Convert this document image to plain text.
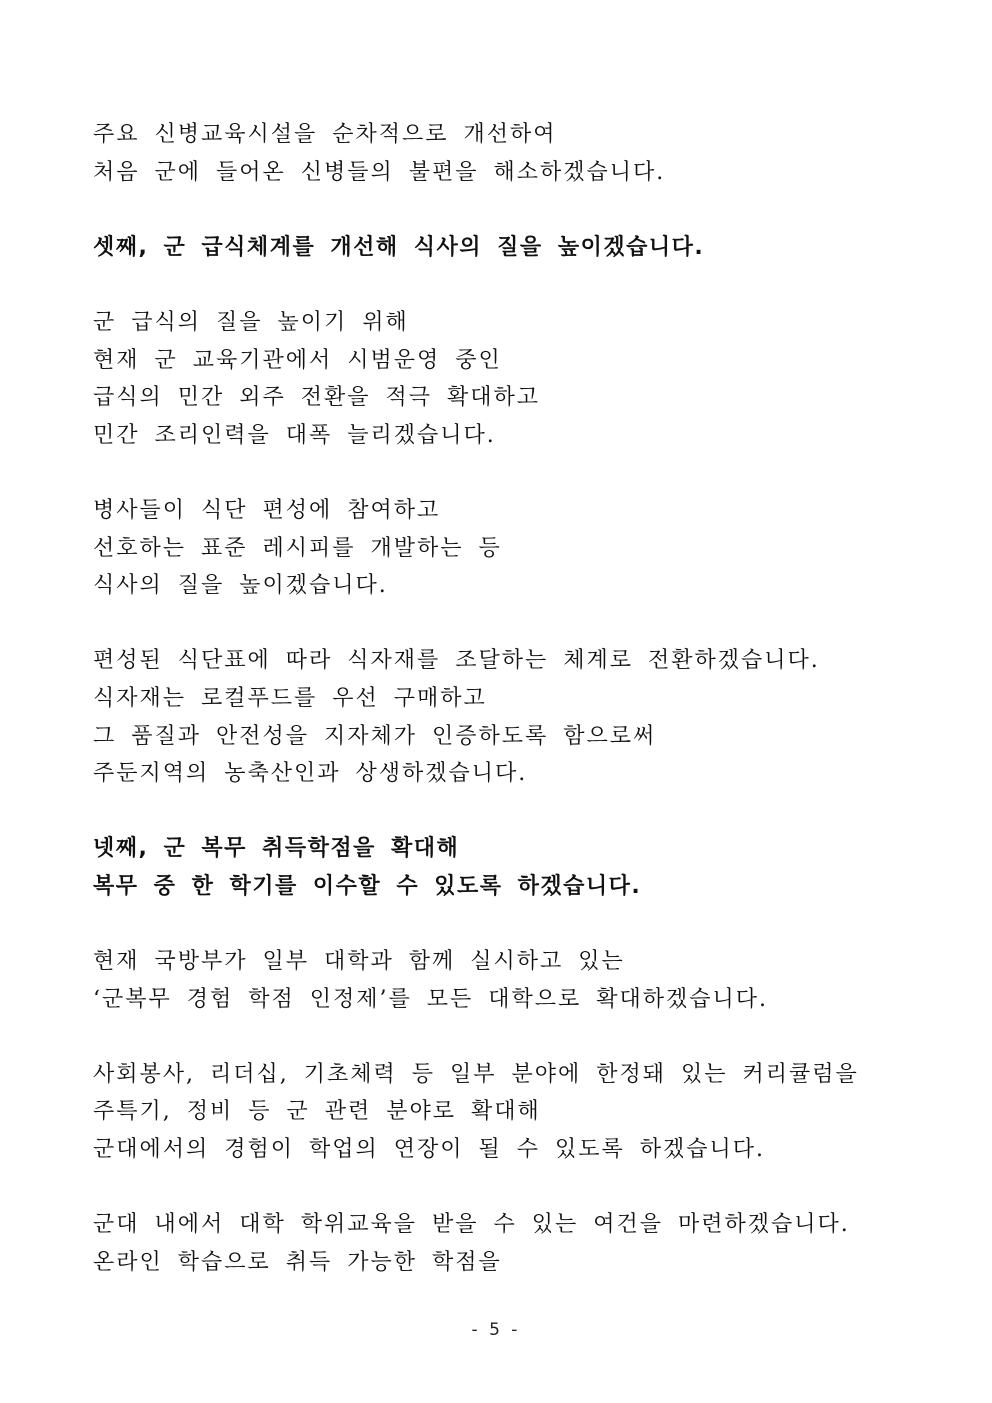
주요 신병교육시설을 순차적으로 개선하여
처음 군에 들어온 신병들의 불편을 해소하겠습니다.
셋째, 군 급식체계를 개선해 식사의 질을 높이겠습니다.
군 급식의 질을 높이기 위해
현재 군 교육기관에서 시범운영 중인
급식의 민간 외주 전환을 적극 확대하고
민간 조리인력을 대폭 늘리겠습니다.
병사들이 식단 편성에 참여하고
선호하는 표준 레시피를 개발하는 등
식사의 질을 높이겠습니다.
편성된 식단표에 따라 식자재를 조달하는 체계로 전환하겠습니다.
식자재는 로컬푸드를 우선 구매하고
그 품질과 안전성을 지자체가 인증하도록 함으로써
주둔지역의 농축산인과 상생하겠습니다.
넷째, 군 복무 취득학점을 확대해
복무 중 한 학기를 이수할 수 있도록 하겠습니다.
현재 국방부가 일부 대학과 함께 실시하고 있는
‘군복무 경험 학점 인정제’를 모든 대학으로 확대하겠습니다.
사회봉사, 리더십, 기초체력 등 일부 분야에 한정돼 있는 커리큘럼을
주특기, 정비 등 군 관련 분야로 확대해
군대에서의 경험이 학업의 연장이 될 수 있도록 하겠습니다.
군대 내에서 대학 학위교육을 받을 수 있는 여건을 마련하겠습니다.
온라인 학습으로 취득 가능한 학점을
- 5 -
